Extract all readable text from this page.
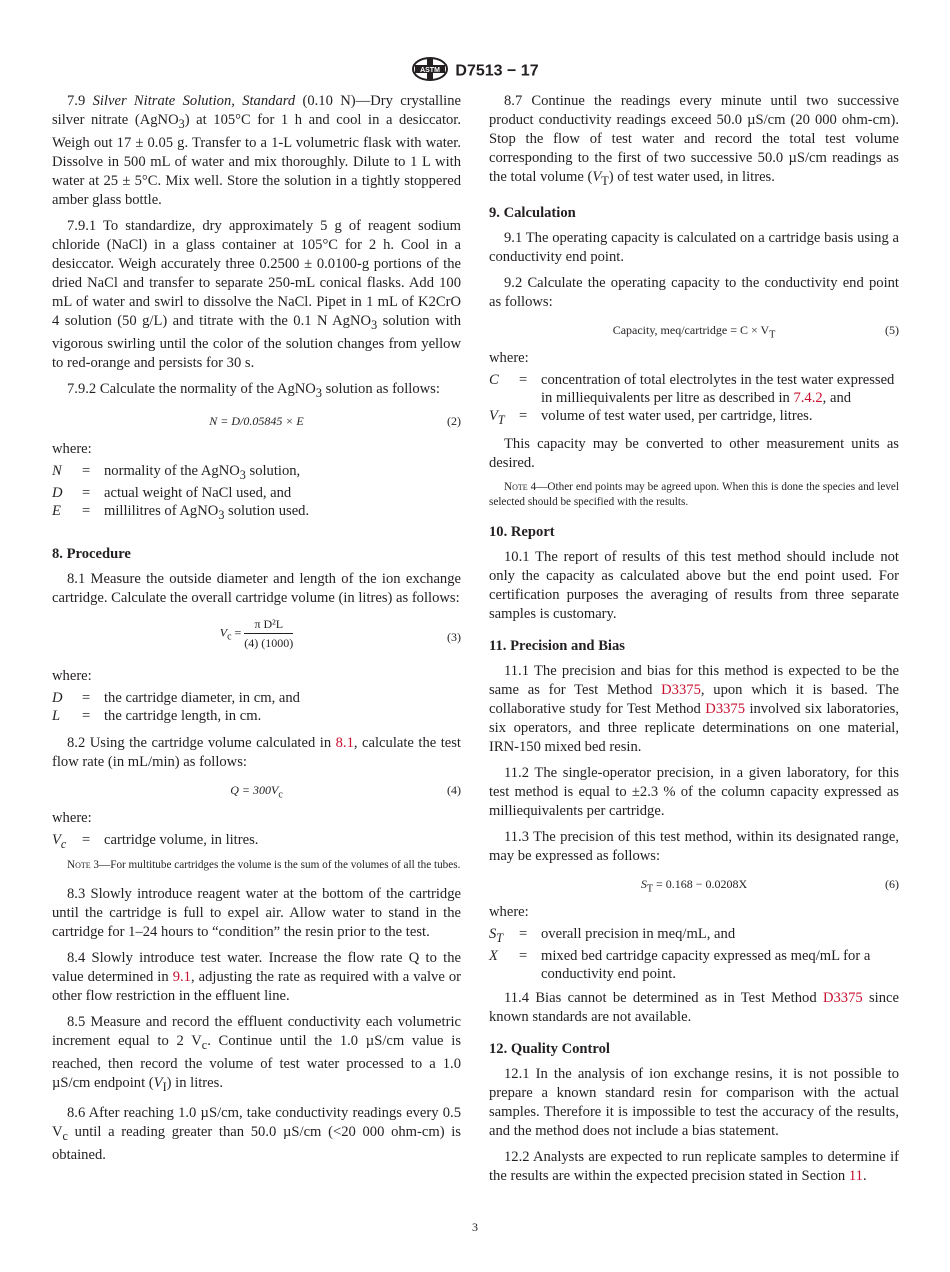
ASTM D7513 − 17

7.9 Silver Nitrate Solution, Standard (0.10 N)—Dry crystalline silver nitrate (AgNO$_3$) at 105°C for 1 h and cool in a desiccator. Weigh out 17 ± 0.05 g. Transfer to a 1-L volumetric flask with water. Dissolve in 500 mL of water and mix thoroughly. Dilute to 1 L with water at 25 ± 5°C. Mix well. Store the solution in a tightly stoppered amber glass bottle.

7.9.1 To standardize, dry approximately 5 g of reagent sodium chloride (NaCl) in a glass container at 105°C for 2 h. Cool in a desiccator. Weigh accurately three 0.2500 ± 0.0100-g portions of the dried NaCl and transfer to separate 250-mL conical flasks. Add 100 mL of water and swirl to dissolve the NaCl. Pipet in 1 mL of K2CrO 4 solution (50 g/L) and titrate with the 0.1 N AgNO$_3$ solution with vigorous swirling until the color of the solution changes from yellow to red-orange and persists for 30 s.

7.9.2 Calculate the normality of the AgNO$_3$ solution as follows:

N = D/0.05845 × E	(2)

where:

N	= normality of the AgNO$_3$ solution,
D	= actual weight of NaCl used, and
E	= millilitres of AgNO$_3$ solution used.
8. Procedure

8.1 Measure the outside diameter and length of the ion exchange cartridge. Calculate the overall cartridge volume (in litres) as follows:

$V_c = \frac{\text{π D²L}}{(4) (1000)}$	(3)

where:

D	= the cartridge diameter, in cm, and
L	= the cartridge length, in cm.

8.2 Using the cartridge volume calculated in 8.1, calculate the test flow rate (in mL/min) as follows:

$Q = 300V_c$	(4)

where:

$V_c$	= cartridge volume, in litres.
Note 3—For multitube cartridges the volume is the sum of the volumes of all the tubes.

8.3 Slowly introduce reagent water at the bottom of the cartridge until the cartridge is full to expel air. Allow water to stand in the cartridge for 1–24 hours to “condition” the resin prior to the test.

8.4 Slowly introduce test water. Increase the flow rate Q to the value determined in 9.1, adjusting the rate as required with a valve or other flow restriction in the effluent line.

8.5 Measure and record the effluent conductivity each volumetric increment equal to 2 $V_c$. Continue until the 1.0 µS/cm value is reached, then record the volume of test water processed to a 1.0 µS/cm endpoint $(V_I)$ in litres.

8.6 After reaching 1.0 µS/cm, take conductivity readings every 0.5 $V_c$ until a reading greater than 50.0 µS/cm (<20 000 ohm-cm) is obtained.

8.7 Continue the readings every minute until two successive product conductivity readings exceed 50.0 µS/cm (20 000 ohm-cm). Stop the flow of test water and record the total test volume corresponding to the first of two successive 50.0 µS/cm readings as the total volume $(V_T)$ of test water used, in litres.

9. Calculation

9.1 The operating capacity is calculated on a cartridge basis using a conductivity end point.

9.2 Calculate the operating capacity to the conductivity end point as follows:

Capacity, meq/cartridge = $C \times V_T$	(5)

where:

C	= concentration of total electrolytes in the test water expressed in milliequivalents per litre as described in 7.4.2, and
$V_T$ = volume of test water used, per cartridge, litres.

This capacity may be converted to other measurement units as desired.

Note 4—Other end points may be agreed upon. When this is done the species and level selected should be specified with the results.
10. Report

10.1 The report of results of this test method should include not only the capacity as calculated above but the end point used. For certification purposes the averaging of results from three separate samples is customary.

11. Precision and Bias

11.1 The precision and bias for this method is expected to be the same as for Test Method D3375, upon which it is based. The collaborative study for Test Method D3375 involved six laboratories, six operators, and three replicate determinations on one material, IRN-150 mixed bed resin.

11.2 The single-operator precision, in a given laboratory, for this test method is equal to ±2.3 % of the column capacity expressed as milliequivalents per cartridge.

11.3 The precision of this test method, within its designated range, may be expressed as follows:

$S_T = 0.168 - 0.0208X$	(6)

where:

$S_T$	= overall precision in meq/mL, and
X	= mixed bed cartridge capacity expressed as meq/mL for a conductivity end point.

11.4 Bias cannot be determined as in Test Method D3375 since known standards are not available.

12. Quality Control

12.1 In the analysis of ion exchange resins, it is not possible to prepare a known standard resin for comparison with the actual samples. Therefore it is impossible to test the accuracy of the results, and the method does not include a bias statement.

12.2 Analysts are expected to run replicate samples to determine if the results are within the expected precision stated in Section 11.

3
